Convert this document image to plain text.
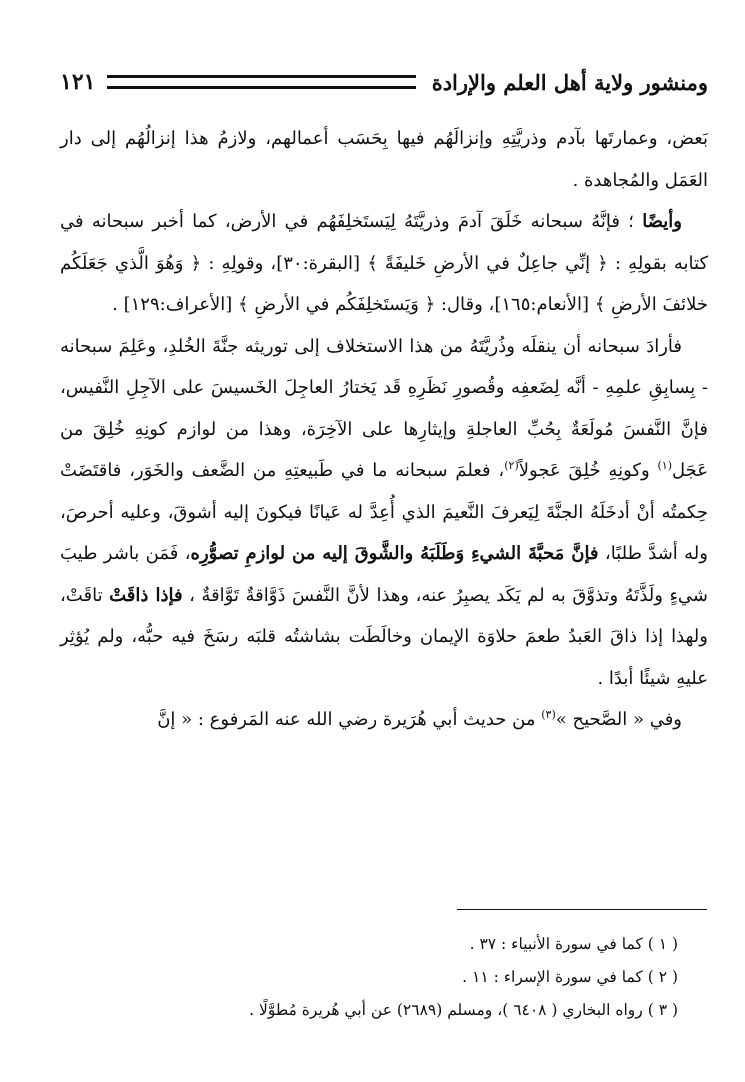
ومنشور ولاية أهل العلم والإرادة
١٢١

بَعض، وعمارتَها بآدم وذريَّتِهِ وإنزالَهُم فيها بِحَسَب أعمالهم، ولازمُ هذا إنزالُهُم إلى دار العَمَل والمُجاهدة .

وأيضًا ؛ فإنَّهُ سبحانه خَلَقَ آدمَ وذريَّتَهُ لِيَستَخلِفَهُم في الأرض، كما أخبر سبحانه في كتابه بقولِهِ : ﴿ إنِّي جاعِلٌ في الأرضِ خَليفَةً ﴾ [البقرة:٣٠]، وقولِهِ : ﴿ وَهُوَ الَّذي جَعَلَكُم خلائفَ الأرضِ ﴾ [الأنعام:١٦٥]، وقال: ﴿ وَيَستَخلِفَكُم في الأرضِ ﴾ [الأعراف:١٢٩] .

فأرادَ سبحانه أن ينقلَه وذُريَّتَهُ من هذا الاستخلاف إلى توريثه جنَّةَ الخُلدِ، وعَلِمَ سبحانه - بِسابِقِ علمِهِ - أنَّه لِضَعفِه وقُصورِ نَظَرِهِ قَد يَختارُ العاجِلَ الخَسيسَ على الآجِلِ النَّفيس، فإنَّ النَّفسَ مُولَعَةٌ بِحُبِّ العاجلةِ وإيثارِها على الآخِرَة، وهذا من لوازم كونِهِ خُلِقَ من عَجَل$^{(١)}$ وكونِهِ خُلِقَ عَجولاً$^{(٢)}$، فعلمَ سبحانه ما في طَبيعتِهِ من الضَّعف والخَوَر، فاقتَضَتْ حِكمتُه أنْ أدخَلَهُ الجنَّةَ لِيَعرفَ النَّعيمَ الذي أُعِدَّ له عَيانًا فيكونَ إليه أشوقَ، وعليه أحرصَ، وله أشدَّ طلبًا، فإنَّ مَحبَّةَ الشيءِ وَطَلَبَهُ والشَّوقَ إليه من لوازمِ تصوُّرِه، فَمَن باشر طيبَ شيءٍ ولَذَّتَهُ وتذوَّقَ به لم يَكَد يصبِرُ عنه، وهذا لأنَّ النَّفسَ ذَوَّاقةٌ تَوَّاقةٌ ، فإذا ذاقَتْ تاقَتْ، ولهذا إذا ذاقَ العَبدُ طعمَ حلاوَة الإيمان وخالَطَت بشاشتُه قلبَه رسَخَ فيه حبُّه، ولم يُؤثِر عليهِ شيئًا أبدًا .

وفي « الصَّحيح »$^{(٣)}$ من حديث أبي هُرَيرة رضي الله عنه المَرفوع : « إنَّ

( ١ ) كما في سورة الأنبياء : ٣٧ .

( ٢ ) كما في سورة الإسراء : ١١ .

( ٣ ) رواه البخاري ( ٦٤٠٨ )، ومسلم (٢٦٨٩) عن أبي هُريرة مُطوَّلًا .
